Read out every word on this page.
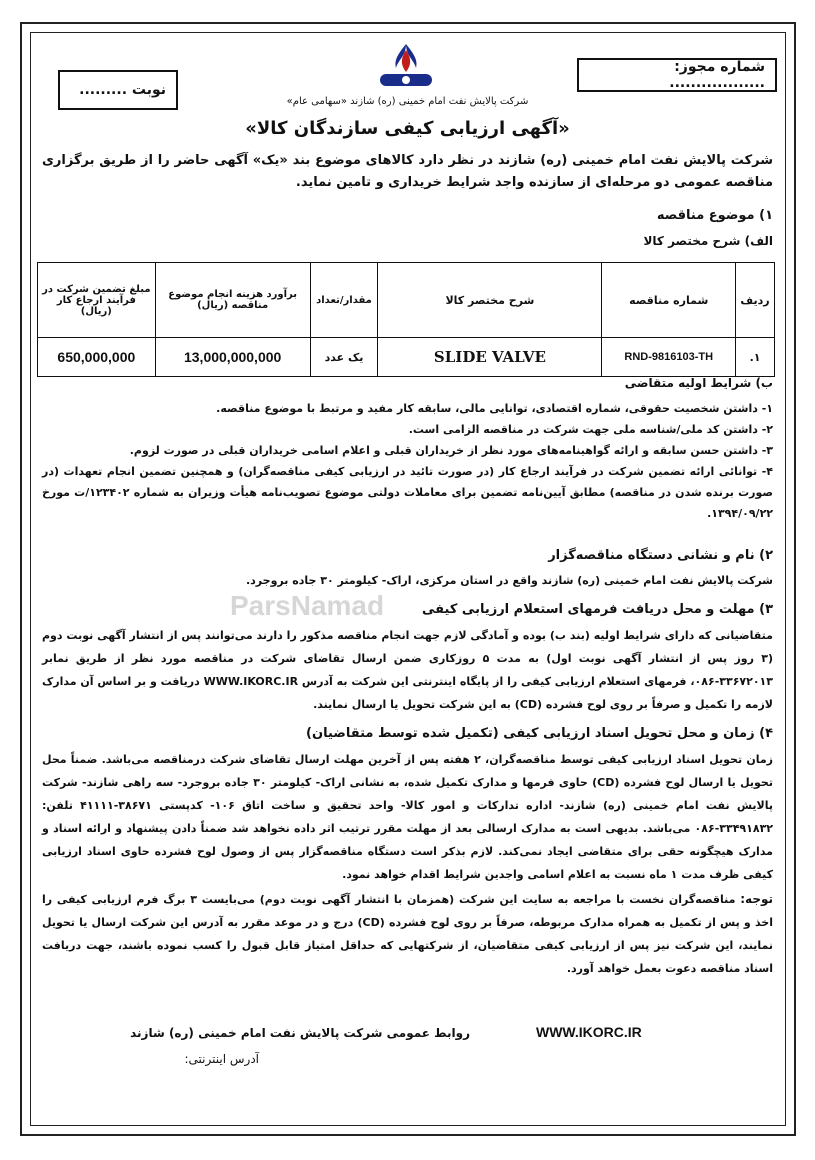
شماره مجوز: ..................
نوبت .........
شرکت پالایش نفت امام خمینی (ره) شازند «سهامی عام»
«آگهی ارزیابی کیفی سازندگان کالا»
شرکت پالایش نفت امام خمینی (ره) شازند در نظر دارد کالاهای موضوع بند «یک» آگهی حاضر را از طریق برگزاری مناقصه عمومی دو مرحله‌ای از سازنده واجد شرایط خریداری و تامین نماید.
۱) موضوع مناقصه
الف) شرح مختصر کالا
ردیف	شماره مناقصه	شرح مختصر کالا	مقدار/تعداد	برآورد هزینه انجام موضوع مناقصه (ریال)	مبلغ تضمین شرکت در فرآیند ارجاع کار (ریال)
۱.	RND-9816103-TH	SLIDE VALVE	یک عدد	13,000,000,000	650,000,000
ب) شرایط اولیه متقاضی
۱- داشتن شخصیت حقوقی، شماره اقتصادی، توانایی مالی، سابقه کار مفید و مرتبط با موضوع مناقصه.
۲- داشتن کد ملی/شناسه ملی جهت شرکت در مناقصه الزامی است.
۳- داشتن حسن سابقه و ارائه گواهینامه‌های مورد نظر از خریداران قبلی و اعلام اسامی خریداران قبلی در صورت لزوم.
۴- توانائی ارائه تضمین شرکت در فرآیند ارجاع کار (در صورت تائید در ارزیابی کیفی مناقصه‌گران) و همچنین تضمین انجام تعهدات (در صورت برنده شدن در مناقصه) مطابق آیین‌نامه تضمین برای معاملات دولتی موضوع تصویب‌نامه هیأت وزیران به شماره ۱۲۳۴۰۲/ت مورخ ۱۳۹۴/۰۹/۲۲.
۲) نام و نشانی دستگاه مناقصه‌گزار
شرکت پالایش نفت امام خمینی (ره) شازند واقع در استان مرکزی، اراک- کیلومتر ۳۰ جاده بروجرد.
ParsNamad	۳) مهلت و محل دریافت فرمهای استعلام ارزیابی کیفی
متقاضیانی که دارای شرایط اولیه (بند ب) بوده و آمادگی لازم جهت انجام مناقصه مذکور را دارند می‌توانند پس از انتشار آگهی نوبت دوم (۳ روز پس از انتشار آگهی نوبت اول) به مدت ۵ روزکاری ضمن ارسال تقاضای شرکت در مناقصه مورد نظر از طریق نمابر ۳۳۶۷۲۰۱۳-۰۸۶، فرمهای استعلام ارزیابی کیفی را از پایگاه اینترنتی این شرکت به آدرس WWW.IKORC.IR دریافت و بر اساس آن مدارک لازمه را تکمیل و صرفاً بر روی لوح فشرده (CD) به این شرکت تحویل یا ارسال نمایند.
۴) زمان و محل تحویل اسناد ارزیابی کیفی (تکمیل شده توسط متقاضیان)
زمان تحویل اسناد ارزیابی کیفی توسط مناقصه‌گران، ۲ هفته پس از آخرین مهلت ارسال تقاضای شرکت درمناقصه می‌باشد. ضمناً محل تحویل یا ارسال لوح فشرده (CD) حاوی فرمها و مدارک تکمیل شده، به نشانی اراک- کیلومتر ۳۰ جاده بروجرد- سه راهی شازند- شرکت پالایش نفت امام خمینی (ره) شازند- اداره تدارکات و امور کالا- واحد تحقیق و ساخت اتاق ۱۰۶- کدپستی ۳۸۶۷۱-۴۱۱۱۱ تلفن: ۳۳۴۹۱۸۳۲-۰۸۶ می‌باشد. بدیهی است به مدارک ارسالی بعد از مهلت مقرر ترتیب اثر داده نخواهد شد ضمناً دادن پیشنهاد و ارائه اسناد و مدارک هیچگونه حقی برای متقاضی ایجاد نمی‌کند. لازم بذکر است دستگاه مناقصه‌گزار پس از وصول لوح فشرده حاوی اسناد ارزیابی کیفی ظرف مدت ۱ ماه نسبت به اعلام اسامی واجدین شرایط اقدام خواهد نمود.
توجه: مناقصه‌گران نخست با مراجعه به سایت این شرکت (همزمان با انتشار آگهی نوبت دوم) می‌بایست ۳ برگ فرم ارزیابی کیفی را اخذ و پس از تکمیل به همراه مدارک مربوطه، صرفاً بر روی لوح فشرده (CD) درج و در موعد مقرر به آدرس این شرکت ارسال یا تحویل نمایند، این شرکت نیز پس از ارزیابی کیفی متقاضیان، از شرکتهایی که حداقل امتیاز قابل قبول را کسب نموده باشند، جهت دریافت اسناد مناقصه دعوت بعمل خواهد آورد.
آدرس اینترنتی:
WWW.IKORC.IR
روابط عمومی شرکت پالایش نفت امام خمینی (ره) شازند
